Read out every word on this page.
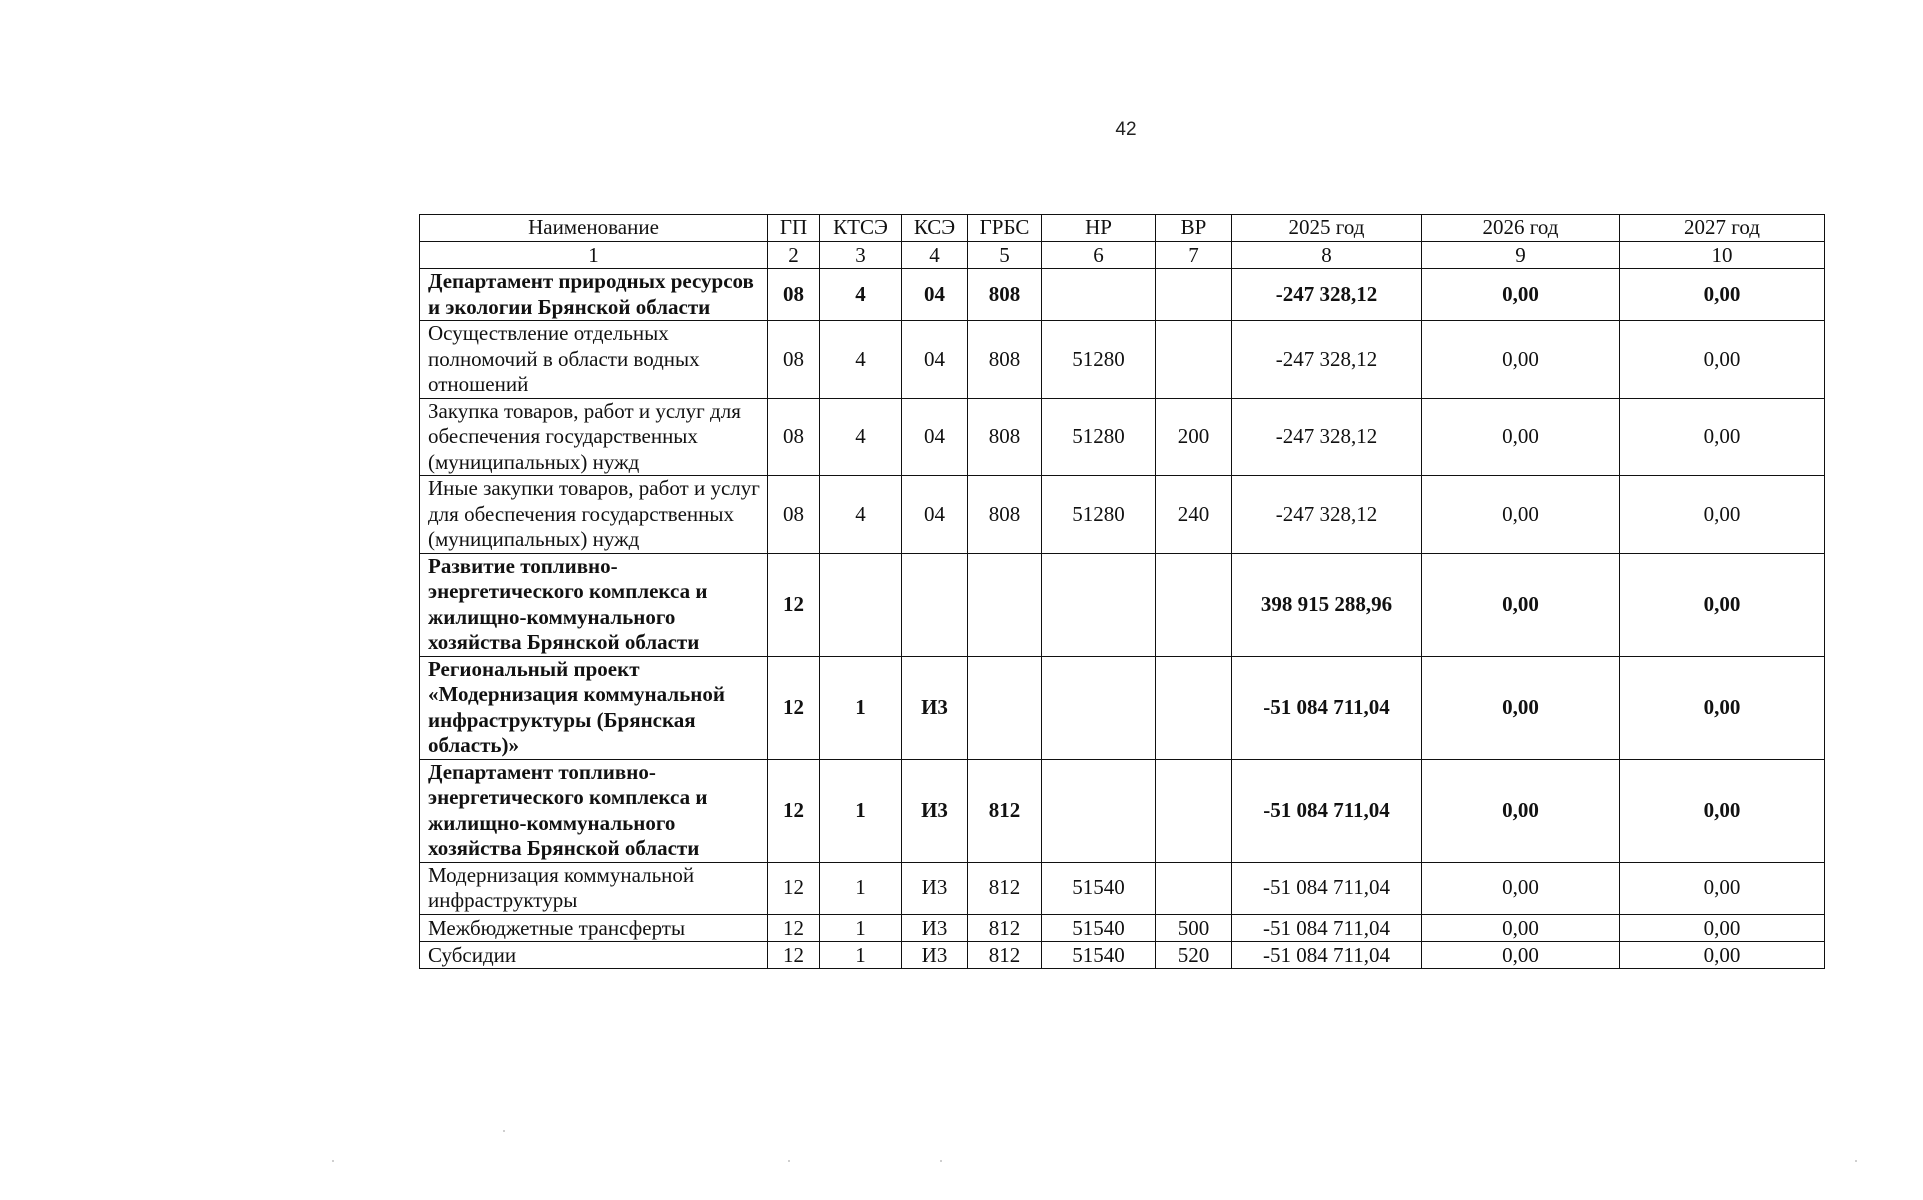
42
Наименование	ГП	КТСЭ	КСЭ	ГРБС	НР	ВР	2025 год	2026 год	2027 год
1	2	3	4	5	6	7	8	9	10
Департамент природных ресурсов и экологии Брянской области	08	4	04	808			-247 328,12	0,00	0,00
Осуществление отдельных полномочий в области водных отношений	08	4	04	808	51280		-247 328,12	0,00	0,00
Закупка товаров, работ и услуг для обеспечения государственных (муниципальных) нужд	08	4	04	808	51280	200	-247 328,12	0,00	0,00
Иные закупки товаров, работ и услуг для обеспечения государственных (муниципальных) нужд	08	4	04	808	51280	240	-247 328,12	0,00	0,00
Развитие топливно-энергетического комплекса и жилищно-коммунального хозяйства Брянской области	12						398 915 288,96	0,00	0,00
Региональный проект «Модернизация коммунальной инфраструктуры (Брянская область)»	12	1	И3				-51 084 711,04	0,00	0,00
Департамент топливно-энергетического комплекса и жилищно-коммунального хозяйства Брянской области	12	1	И3	812			-51 084 711,04	0,00	0,00
Модернизация коммунальной инфраструктуры	12	1	И3	812	51540		-51 084 711,04	0,00	0,00
Межбюджетные трансферты	12	1	И3	812	51540	500	-51 084 711,04	0,00	0,00
Субсидии	12	1	И3	812	51540	520	-51 084 711,04	0,00	0,00
